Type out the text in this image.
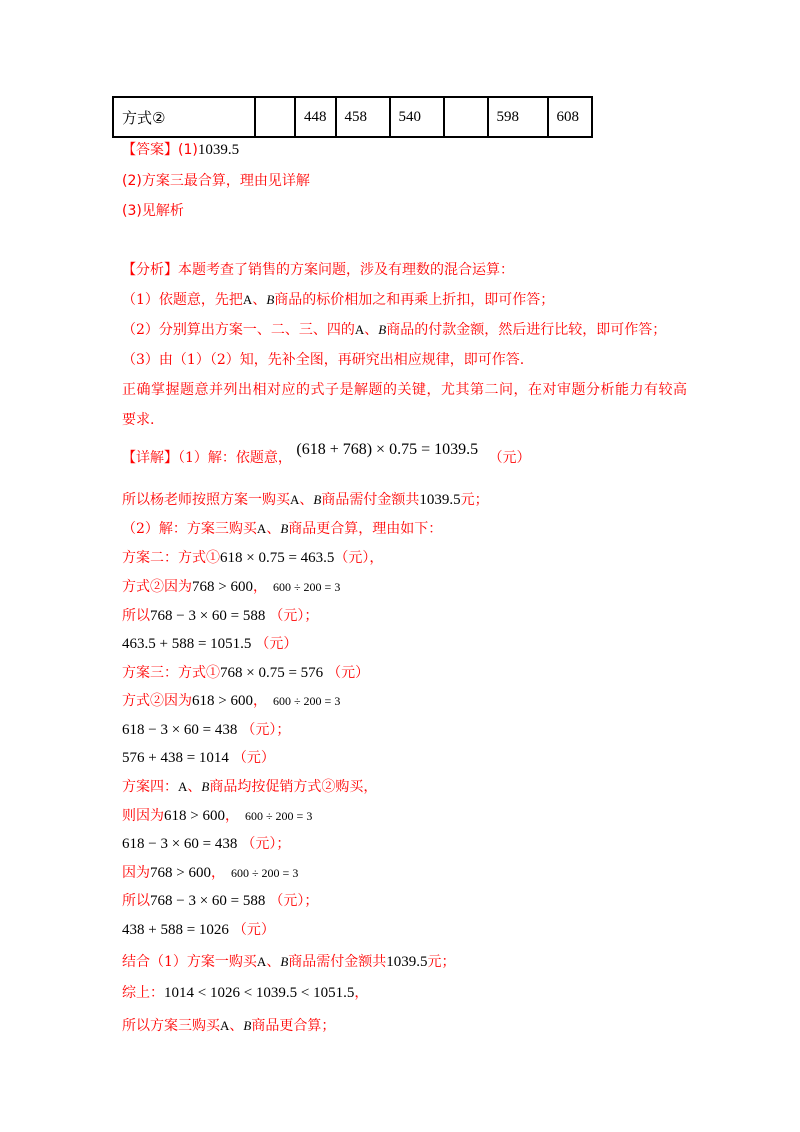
方式②		448	458	540		598	608
【答案】(1)1039.5
(2)方案三最合算，理由见详解
(3)见解析
【分析】本题考查了销售的方案问题，涉及有理数的混合运算：
（1）依题意，先把A、B商品的标价相加之和再乘上折扣，即可作答；
（2）分别算出方案一、二、三、四的A、B商品的付款金额，然后进行比较，即可作答；
（3）由（1）（2）知，先补全图，再研究出相应规律，即可作答.
正确掌握题意并列出相对应的式子是解题的关键，尤其第二问，在对审题分析能力有较高
要求.
【详解】（1）解：依题意， (618 + 768) × 0.75 = 1039.5 （元）
所以杨老师按照方案一购买A、B商品需付金额共1039.5元；
（2）解：方案三购买A、B商品更合算，理由如下：
方案二：方式①618 × 0.75 = 463.5（元），
方式②因为768 > 600， 600 ÷ 200 = 3
所以768 − 3 × 60 = 588 （元）；
463.5 + 588 = 1051.5 （元）
方案三：方式①768 × 0.75 = 576 （元）
方式②因为618 > 600， 600 ÷ 200 = 3
618 − 3 × 60 = 438 （元）；
576 + 438 = 1014 （元）
方案四：A、B商品均按促销方式②购买，
则因为618 > 600， 600 ÷ 200 = 3
618 − 3 × 60 = 438 （元）；
因为768 > 600， 600 ÷ 200 = 3
所以768 − 3 × 60 = 588 （元）；
438 + 588 = 1026 （元）
结合（1）方案一购买A、B商品需付金额共1039.5元；
综上：1014 < 1026 < 1039.5 < 1051.5，
所以方案三购买A、B商品更合算；
